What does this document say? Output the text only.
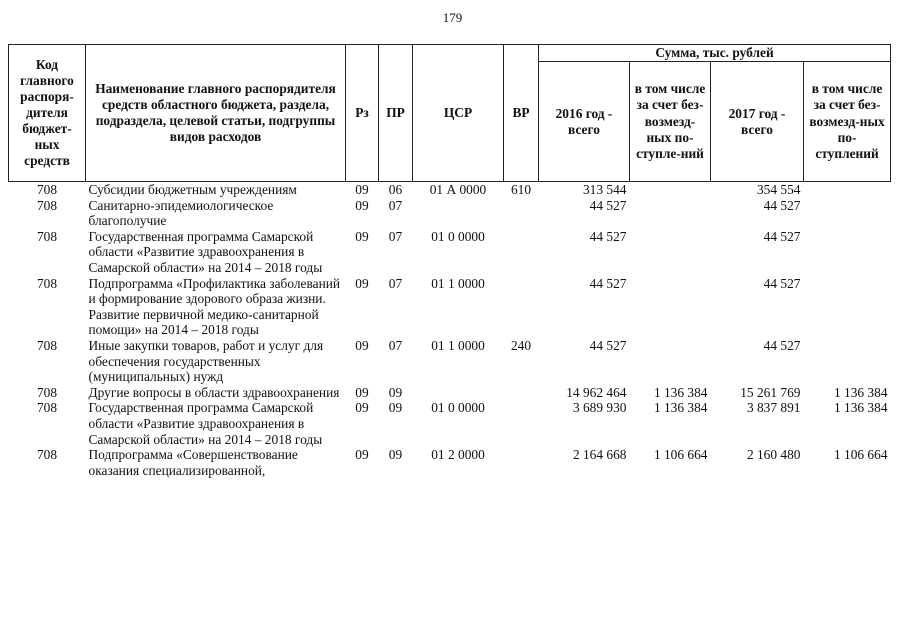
179
Код главного распоря-дителя бюджет-ных средств	Наименование главного распорядителя средств областного бюджета, раздела, подраздела, целевой статьи, подгруппы видов расходов	Рз	ПР	ЦСР	ВР	Сумма, тыс. рублей			
						2016 год - всего	в том числе за счет без-возмезд-ных по-ступле-ний	2017 год - всего	в том числе за счет без-возмезд-ных по-ступлений
708	Субсидии бюджетным учреждениям	09	06	01 А 0000	610	313 544		354 554	
708	Санитарно-эпидемиологическое благополучие	09	07			44 527		44 527	
708	Государственная программа Самарской области «Развитие здравоохранения в Самарской области» на 2014 – 2018 годы	09	07	01 0 0000		44 527		44 527	
708	Подпрограмма «Профилактика заболеваний и формирование здорового образа жизни. Развитие первичной медико-санитарной помощи» на 2014 – 2018 годы	09	07	01 1 0000		44 527		44 527	
708	Иные закупки товаров, работ и услуг для обеспечения государственных (муниципальных) нужд	09	07	01 1 0000	240	44 527		44 527	
708	Другие вопросы в области здравоохранения	09	09			14 962 464	1 136 384	15 261 769	1 136 384
708	Государственная программа Самарской области «Развитие здравоохранения в Самарской области» на 2014 – 2018 годы	09	09	01 0 0000		3 689 930	1 136 384	3 837 891	1 136 384
708	Подпрограмма «Совершенствование оказания специализированной,	09	09	01 2 0000		2 164 668	1 106 664	2 160 480	1 106 664
